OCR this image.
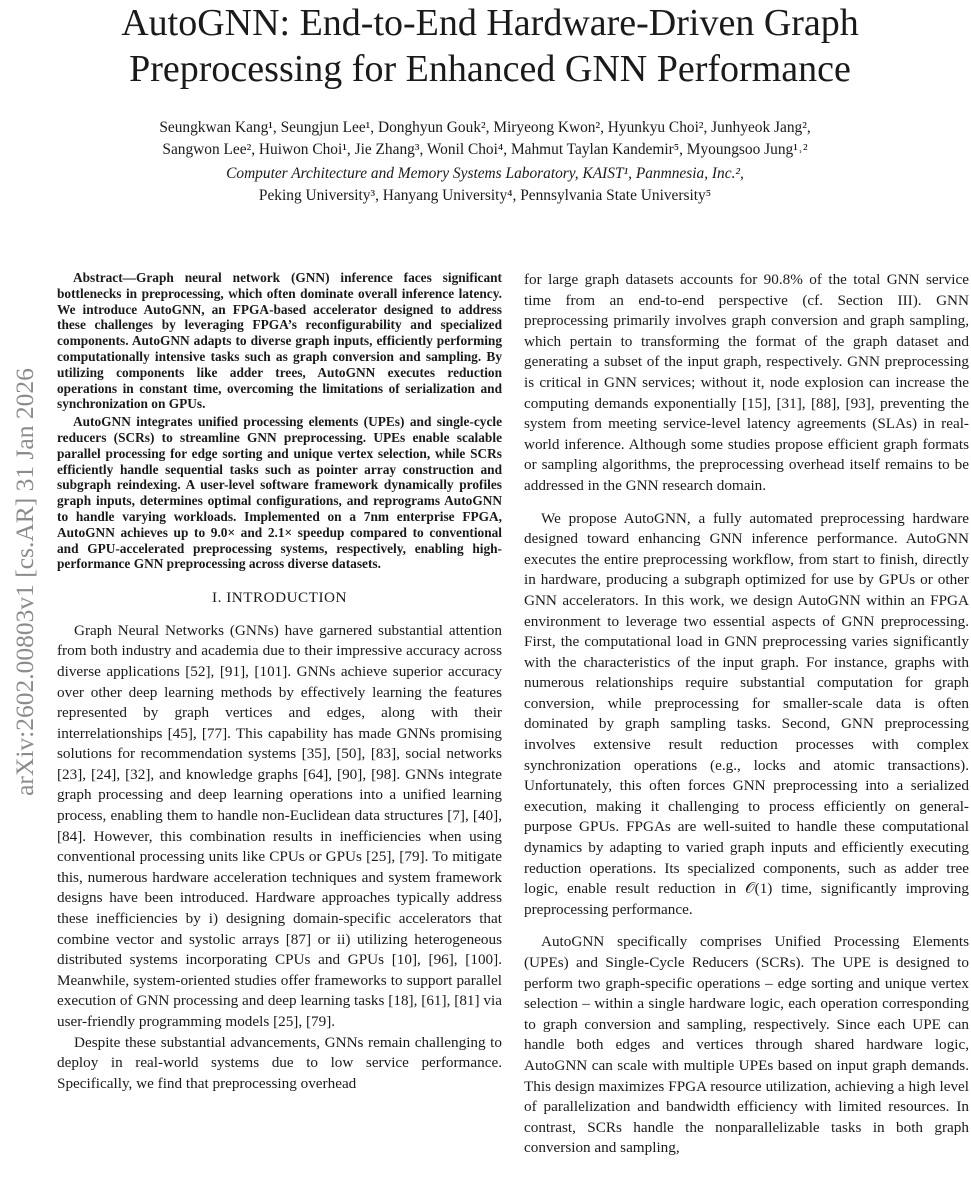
AutoGNN: End-to-End Hardware-Driven Graph
Preprocessing for Enhanced GNN Performance
Seungkwan Kang¹, Seungjun Lee¹, Donghyun Gouk², Miryeong Kwon², Hyunkyu Choi², Junhyeok Jang²,
Sangwon Lee², Huiwon Choi¹, Jie Zhang³, Wonil Choi⁴, Mahmut Taylan Kandemir⁵, Myoungsoo Jung¹˒²
Computer Architecture and Memory Systems Laboratory, KAIST¹, Panmnesia, Inc.²,
Peking University³, Hanyang University⁴, Pennsylvania State University⁵
arXiv:2602.00803v1 [cs.AR] 31 Jan 2026

Abstract—Graph neural network (GNN) inference faces significant bottlenecks in preprocessing, which often dominate overall inference latency. We introduce AutoGNN, an FPGA-based accelerator designed to address these challenges by leveraging FPGA’s reconfigurability and specialized components. AutoGNN adapts to diverse graph inputs, efficiently performing computationally intensive tasks such as graph conversion and sampling. By utilizing components like adder trees, AutoGNN executes reduction operations in constant time, overcoming the limitations of serialization and synchronization on GPUs.

AutoGNN integrates unified processing elements (UPEs) and single-cycle reducers (SCRs) to streamline GNN preprocessing. UPEs enable scalable parallel processing for edge sorting and unique vertex selection, while SCRs efficiently handle sequential tasks such as pointer array construction and subgraph reindexing. A user-level software framework dynamically profiles graph inputs, determines optimal configurations, and reprograms AutoGNN to handle varying workloads. Implemented on a 7nm enterprise FPGA, AutoGNN achieves up to 9.0× and 2.1× speedup compared to conventional and GPU-accelerated preprocessing systems, respectively, enabling high-performance GNN preprocessing across diverse datasets.

I. INTRODUCTION

Graph Neural Networks (GNNs) have garnered substantial attention from both industry and academia due to their impressive accuracy across diverse applications [52], [91], [101]. GNNs achieve superior accuracy over other deep learning methods by effectively learning the features represented by graph vertices and edges, along with their interrelationships [45], [77]. This capability has made GNNs promising solutions for recommendation systems [35], [50], [83], social networks [23], [24], [32], and knowledge graphs [64], [90], [98]. GNNs integrate graph processing and deep learning operations into a unified learning process, enabling them to handle non-Euclidean data structures [7], [40], [84]. However, this combination results in inefficiencies when using conventional processing units like CPUs or GPUs [25], [79]. To mitigate this, numerous hardware acceleration techniques and system framework designs have been introduced. Hardware approaches typically address these inefficiencies by i) designing domain-specific accelerators that combine vector and systolic arrays [87] or ii) utilizing heterogeneous distributed systems incorporating CPUs and GPUs [10], [96], [100]. Meanwhile, system-oriented studies offer frameworks to support parallel execution of GNN processing and deep learning tasks [18], [61], [81] via user-friendly programming models [25], [79].

Despite these substantial advancements, GNNs remain challenging to deploy in real-world systems due to low service performance. Specifically, we find that preprocessing overhead

for large graph datasets accounts for 90.8% of the total GNN service time from an end-to-end perspective (cf. Section III). GNN preprocessing primarily involves graph conversion and graph sampling, which pertain to transforming the format of the graph dataset and generating a subset of the input graph, respectively. GNN preprocessing is critical in GNN services; without it, node explosion can increase the computing demands exponentially [15], [31], [88], [93], preventing the system from meeting service-level latency agreements (SLAs) in real-world inference. Although some studies propose efficient graph formats or sampling algorithms, the preprocessing overhead itself remains to be addressed in the GNN research domain.

We propose AutoGNN, a fully automated preprocessing hardware designed toward enhancing GNN inference performance. AutoGNN executes the entire preprocessing workflow, from start to finish, directly in hardware, producing a subgraph optimized for use by GPUs or other GNN accelerators. In this work, we design AutoGNN within an FPGA environment to leverage two essential aspects of GNN preprocessing. First, the computational load in GNN preprocessing varies significantly with the characteristics of the input graph. For instance, graphs with numerous relationships require substantial computation for graph conversion, while preprocessing for smaller-scale data is often dominated by graph sampling tasks. Second, GNN preprocessing involves extensive result reduction processes with complex synchronization operations (e.g., locks and atomic transactions). Unfortunately, this often forces GNN preprocessing into a serialized execution, making it challenging to process efficiently on general-purpose GPUs. FPGAs are well-suited to handle these computational dynamics by adapting to varied graph inputs and efficiently executing reduction operations. Its specialized components, such as adder tree logic, enable result reduction in 𝒪(1) time, significantly improving preprocessing performance.

AutoGNN specifically comprises Unified Processing Elements (UPEs) and Single-Cycle Reducers (SCRs). The UPE is designed to perform two graph-specific operations – edge sorting and unique vertex selection – within a single hardware logic, each operation corresponding to graph conversion and sampling, respectively. Since each UPE can handle both edges and vertices through shared hardware logic, AutoGNN can scale with multiple UPEs based on input graph demands. This design maximizes FPGA resource utilization, achieving a high level of parallelization and bandwidth efficiency with limited resources. In contrast, SCRs handle the nonparallelizable tasks in both graph conversion and sampling,
